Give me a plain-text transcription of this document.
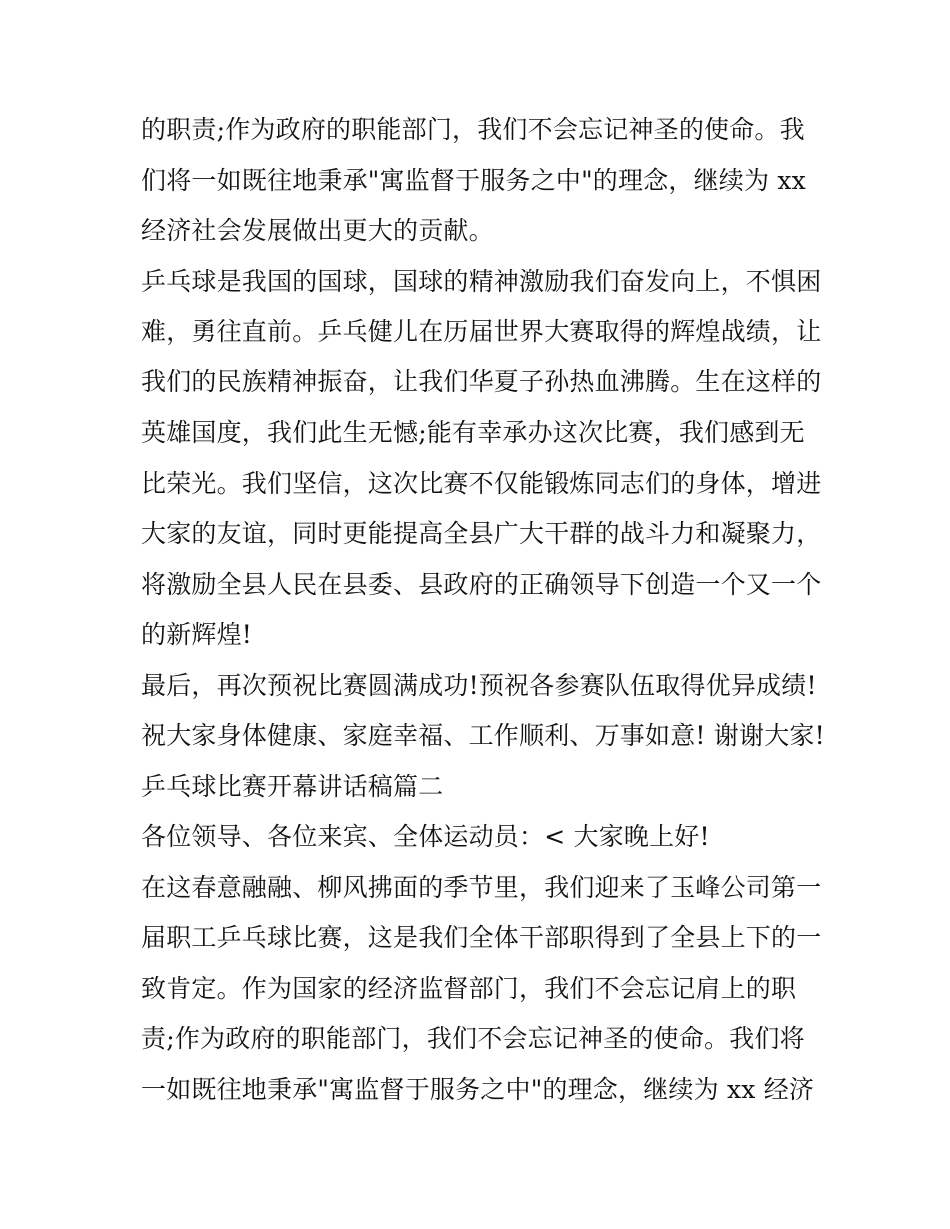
的职责;作为政府的职能部门，我们不会忘记神圣的使命。我
们将一如既往地秉承"寓监督于服务之中"的理念，继续为 xx
经济社会发展做出更大的贡献。
乒乓球是我国的国球，国球的精神激励我们奋发向上，不惧困
难，勇往直前。乒乓健儿在历届世界大赛取得的辉煌战绩，让
我们的民族精神振奋，让我们华夏子孙热血沸腾。生在这样的
英雄国度，我们此生无憾;能有幸承办这次比赛，我们感到无
比荣光。我们坚信，这次比赛不仅能锻炼同志们的身体，增进
大家的友谊，同时更能提高全县广大干群的战斗力和凝聚力，
将激励全县人民在县委、县政府的正确领导下创造一个又一个
的新辉煌!
最后，再次预祝比赛圆满成功!预祝各参赛队伍取得优异成绩!
祝大家身体健康、家庭幸福、工作顺利、万事如意! 谢谢大家!
乒乓球比赛开幕讲话稿篇二
各位领导、各位来宾、全体运动员：< 大家晚上好!
在这春意融融、柳风拂面的季节里，我们迎来了玉峰公司第一
届职工乒乓球比赛，这是我们全体干部职得到了全县上下的一
致肯定。作为国家的经济监督部门，我们不会忘记肩上的职
责;作为政府的职能部门，我们不会忘记神圣的使命。我们将
一如既往地秉承"寓监督于服务之中"的理念，继续为 xx 经济
